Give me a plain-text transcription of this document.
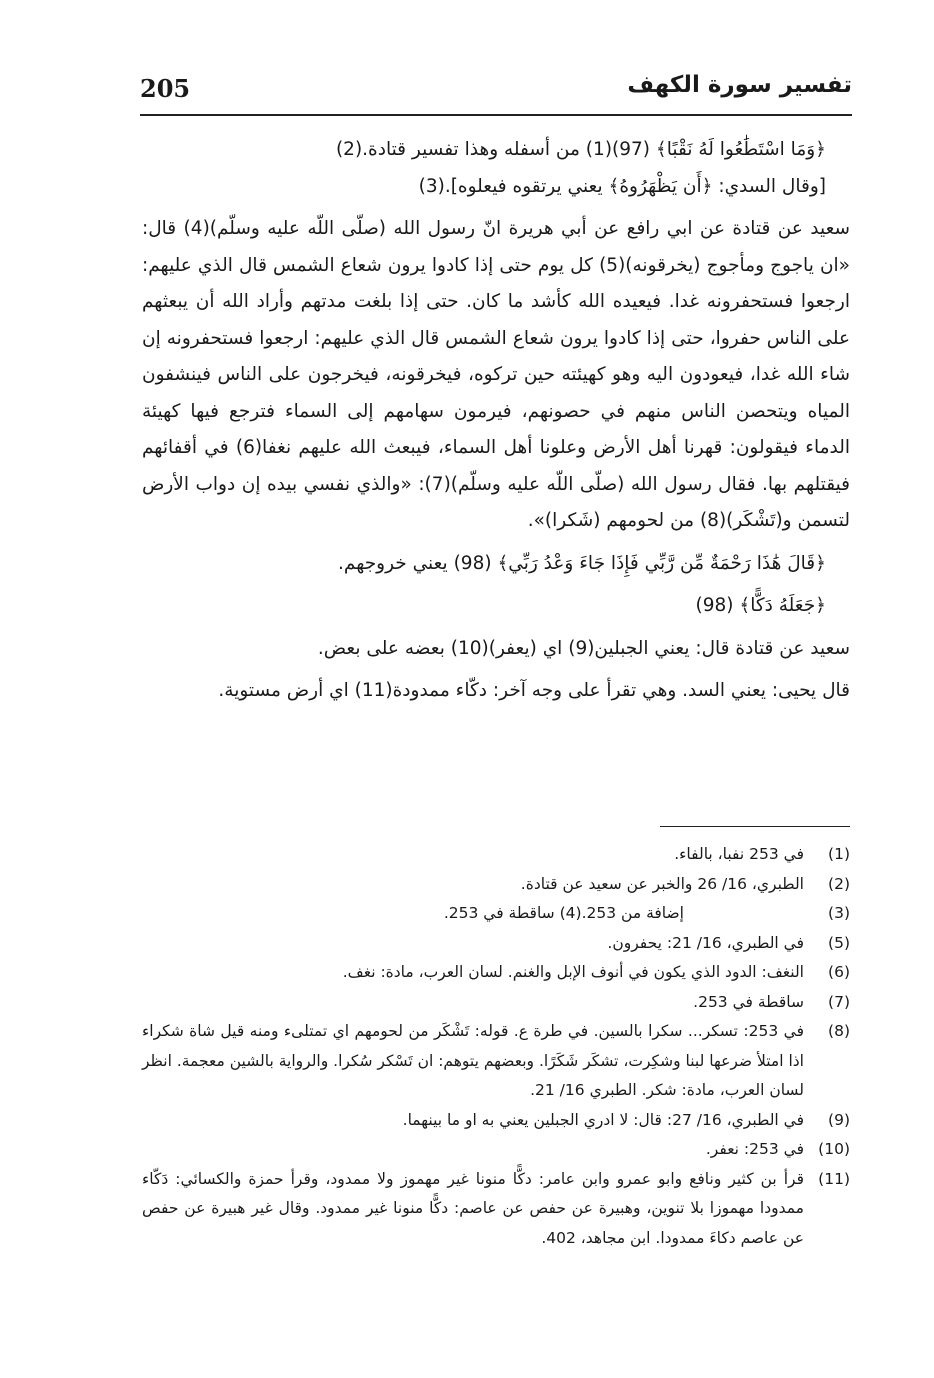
205	تفسير سورة الكهف

﴿وَمَا اسْتَطَٰعُوا لَهُ نَقْبًا﴾ (97)(1) من أسفله وهذا تفسير قتادة.(2)

[وقال السدي: ﴿أَن يَظْهَرُوهُ﴾ يعني يرتقوه فيعلوه].(3)

سعيد عن قتادة عن ابي رافع عن أبي هريرة انّ رسول الله (صلّى اللّه عليه وسلّم)(4) قال: «ان ياجوج ومأجوج (يخرقونه)(5) كل يوم حتى إذا كادوا يرون شعاع الشمس قال الذي عليهم: ارجعوا فستحفرونه غدا. فيعيده الله كأشد ما كان. حتى إذا بلغت مدتهم وأراد الله أن يبعثهم على الناس حفروا، حتى إذا كادوا يرون شعاع الشمس قال الذي عليهم: ارجعوا فستحفرونه إن شاء الله غدا، فيعودون اليه وهو كهيئته حين تركوه، فيخرقونه، فيخرجون على الناس فينشفون المياه ويتحصن الناس منهم في حصونهم، فيرمون سهامهم إلى السماء فترجع فيها كهيئة الدماء فيقولون: قهرنا أهل الأرض وعلونا أهل السماء، فيبعث الله عليهم نغفا(6) في أقفائهم فيقتلهم بها. فقال رسول الله (صلّى اللّه عليه وسلّم)(7): «والذي نفسي بيده إن دواب الأرض لتسمن و(تَشْكَر)(8) من لحومهم (شَكرا)».

﴿قَالَ هَٰذَا رَحْمَةٌ مِّن رَّبِّي فَإِذَا جَاءَ وَعْدُ رَبِّي﴾ (98) يعني خروجهم.

﴿جَعَلَهُ دَكًّا﴾ (98)

سعيد عن قتادة قال: يعني الجبلين(9) اي (يعفر)(10) بعضه على بعض.

قال يحيى: يعني السد. وهي تقرأ على وجه آخر: دكّاء ممدودة(11) اي أرض مستوية.

(1)
في 253 نفبا، بالفاء.
(2)
الطبري، 16/ 26 والخبر عن سعيد عن قتادة.
(3)
إضافة من 253.(4) ساقطة في 253.
(5)
في الطبري، 16/ 21: يحفرون.
(6)
النغف: الدود الذي يكون في أنوف الإبل والغنم. لسان العرب، مادة: نغف.
(7)
ساقطة في 253.
(8)
في 253: تسكر... سكرا بالسين. في طرة ع. قوله: تَشْكَر من لحومهم اي تمتلىء ومنه قيل شاة شكراء اذا امتلأ ضرعها لبنا وشكِرت، تشكَر شَكَرًا. وبعضهم يتوهم: ان تَسْكر سُكرا. والرواية بالشين معجمة. انظر لسان العرب، مادة: شكر. الطبري 16/ 21.
(9)
في الطبري، 16/ 27: قال: لا ادري الجبلين يعني به او ما بينهما.
(10)
في 253: نعفر.
(11)
قرأ بن كثير ونافع وابو عمرو وابن عامر: دكًّا منونا غير مهموز ولا ممدود، وقرأ حمزة والكسائي: دَكّاء ممدودا مهموزا بلا تنوين، وهبيرة عن حفص عن عاصم: دكًّا منونا غير ممدود. وقال غير هبيرة عن حفص عن عاصم دكاءَ ممدودا. ابن مجاهد، 402.
